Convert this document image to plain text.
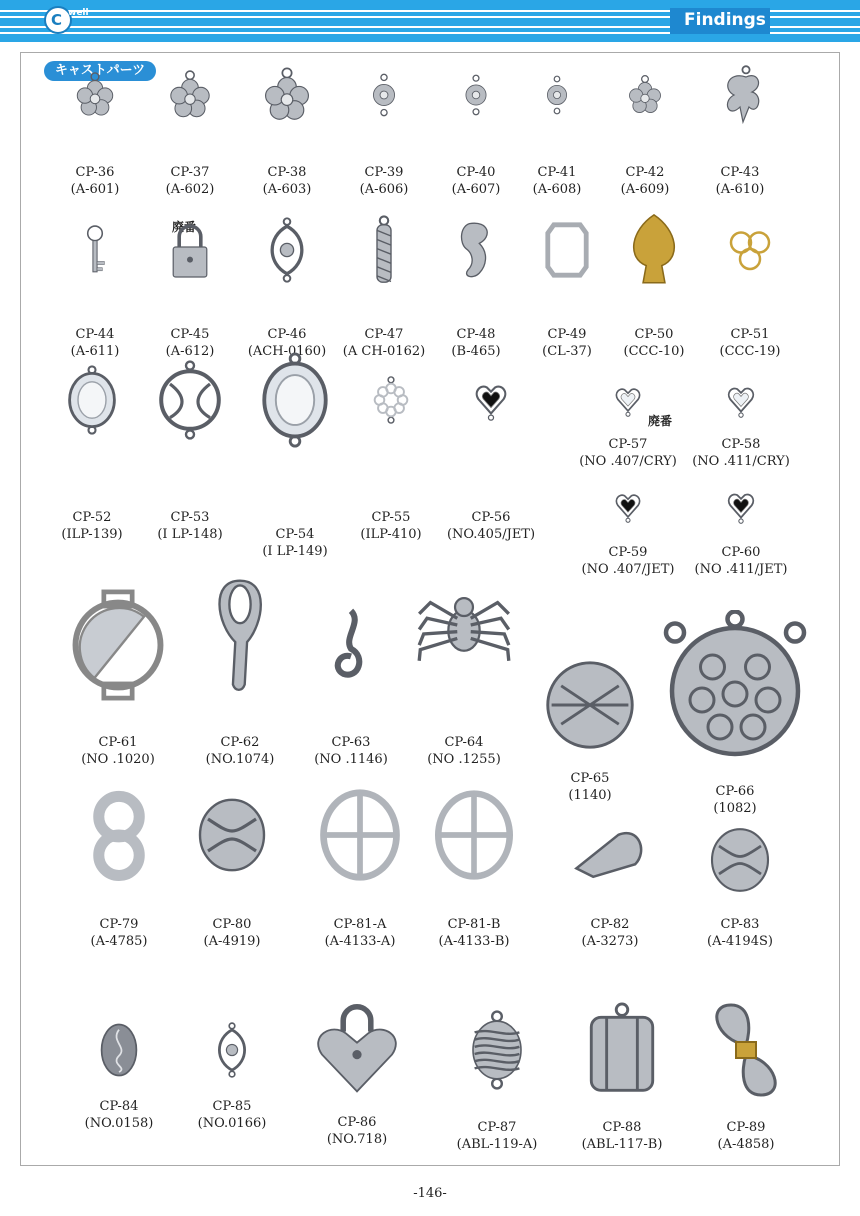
C well	Findings
キャストパーツ
廃番
廃番
CP-36
(A-601)
CP-37
(A-602)
CP-38
(A-603)
CP-39
(A-606)
CP-40
(A-607)
CP-41
(A-608)
CP-42
(A-609)
CP-43
(A-610)
CP-44
(A-611)
CP-45
(A-612)
CP-46
(ACH-0160)
CP-47
(A CH-0162)
CP-48
(B-465)
CP-49
(CL-37)
CP-50
(CCC-10)
CP-51
(CCC-19)
CP-52
(ILP-139)
CP-53
(I LP-148)	CP-54
(I LP-149)
CP-55
(ILP-410)
CP-56
(NO.405/JET)
CP-57
(NO .407/CRY)
CP-58
(NO .411/CRY)
CP-59
(NO .407/JET)
CP-60
(NO .411/JET)
CP-61
(NO .1020)
CP-62
(NO.1074)
CP-63
(NO .1146)
CP-64
(NO .1255)
CP-65
(1140)	CP-66
(1082)
CP-79
(A-4785)
CP-80
(A-4919)
CP-81-A
(A-4133-A)
CP-81-B
(A-4133-B)
CP-82
(A-3273)
CP-83
(A-4194S)
CP-84
(NO.0158)
CP-85
(NO.0166)	CP-86
(NO.718)
CP-87
(ABL-119-A)
CP-88
(ABL-117-B)
CP-89
(A-4858)
-146-
